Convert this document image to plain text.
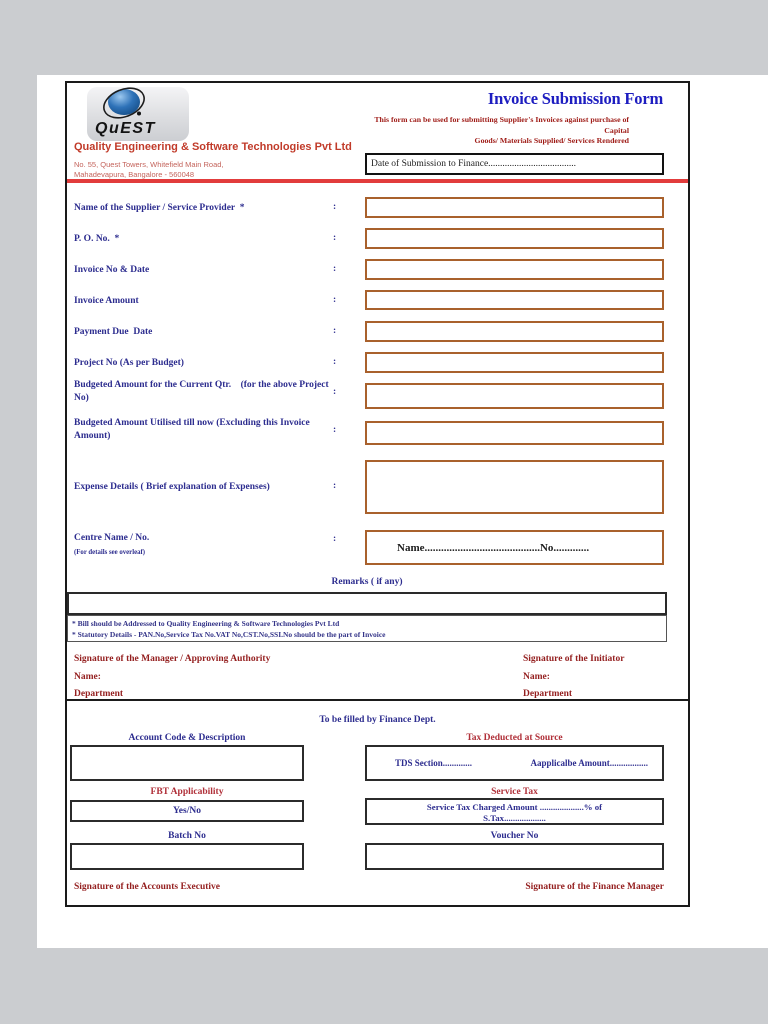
QuEST
Invoice Submission Form
This form can be used for submitting Supplier's Invoices against purchase of Capital
Goods/ Materials Supplied/ Services Rendered
Quality Engineering & Software Technologies Pvt Ltd
No. 55, Quest Towers, Whitefield Main Road,
Mahadevapura, Bangalore - 560048
Date of Submission to Finance.....................................
Name of the Supplier / Service Provider  *	:
P. O. No.  *	:
Invoice No & Date	:
Invoice Amount	:
Payment Due  Date	:
Project No (As per Budget)	:
Budgeted Amount for the Current Qtr.    (for the above Project No)
:
Budgeted Amount Utilised till now (Excluding this Invoice Amount)
:
Expense Details ( Brief explanation of Expenses)	:
Centre Name / No.
(For details see overleaf)
:
Name..........................................No.............
Remarks ( if any)
* Bill should be Addressed to Quality Engineering & Software Technologies Pvt Ltd
* Statutory Details - PAN.No,Service Tax No.VAT No,CST.No,SSI.No should be the part of Invoice
Signature of the Manager / Approving Authority	Signature of the Initiator
Name:	Name:
Department	Department
To be filled by Finance Dept.
Account Code & Description	Tax Deducted at Source
TDS Section.............	Aapplicalbe Amount.................
FBT Applicability	Service Tax
Yes/No	Service Tax Charged Amount ....................% of
S.Tax...................
Batch No	Voucher No
Signature of the Accounts Executive	Signature of the Finance Manager
